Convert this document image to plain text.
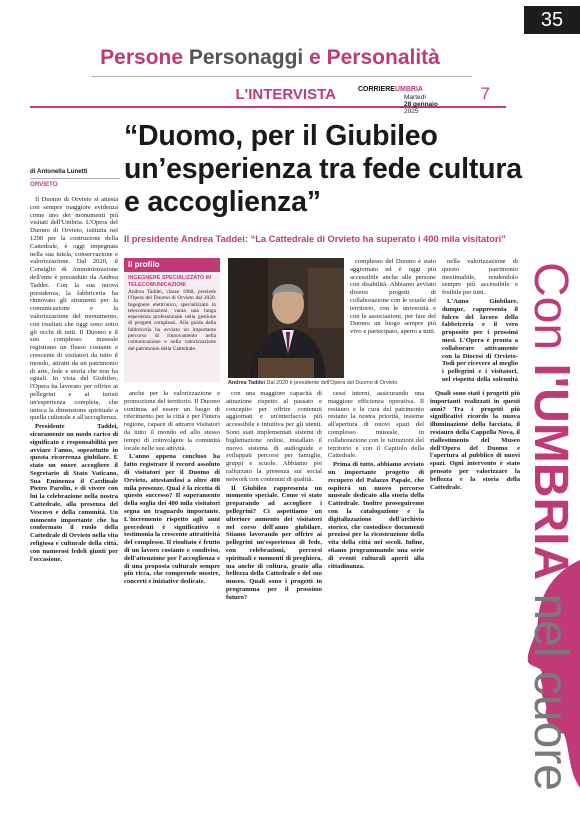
35
Persone Personaggi e Personalità
L'INTERVISTA	CORRIEREUMBRIA
Martedì
28 gennaio
2025
7
Con l'UMBRIA nel cuore
“Duomo, per il Giubileo un’esperienza tra fede cultura e accoglienza”
Il presidente Andrea Taddei: “La Cattedrale di Orvieto ha superato i 400 mila visitatori”
di Antonella Lunetti
ORVIETO

Il Duomo di Orvieto si attesta con sempre maggiore evidenza come uno dei monumenti più visitati dell'Umbria. L'Opera del Duomo di Orvieto, istituita nel 1290 per la costruzione della Cattedrale, è oggi impegnata nella sua tutela, conservazione e valorizzazione. Dal 2020, il Consiglio di Amministrazione dell'ente è presieduto da Andrea Taddei. Con la sua nuova presidenza, la fabbriceria ha rinnovato gli strumenti per la comunicazione e la valorizzazione del monumento, con risultati che oggi sono sotto gli occhi di tutti. Il Duomo e il suo complesso museale registrano un flusso costante e crescente di visitatori da tutto il mondo, attratti da un patrimonio di arte, fede e storia che non ha eguali. In vista del Giubileo, l'Opera ha lavorato per offrire ai pellegrini e ai turisti un'esperienza completa, che unisca la dimensione spirituale a quella culturale e all'accoglienza.

Presidente Taddei, sicuramente un modo carico di significato e responsabilità per avviare l'anno, soprattutto in questa ricorrenza giubilare. È stato un onore accogliere il Segretario di Stato Vaticano, Sua Eminenza il Cardinale Pietro Parolin, e di vivere con lui la celebrazione nella nostra Cattedrale, alla presenza del Vescovo e della comunità. Un momento importante che ha confermato il ruolo della Cattedrale di Orvieto nella vita religiosa e culturale della città, con numerosi fedeli giunti per l'occasione.

Il profilo
INGEGNERE SPECIALIZZATO IN TELECOMUNICAZIONI
Andrea Taddei, classe 1960, presiede l'Opera del Duomo di Orvieto dal 2020. Ingegnere elettronico, specializzato in telecomunicazioni, vanta una lunga esperienza professionale nella gestione di progetti complessi. Alla guida della fabbriceria ha avviato un importante percorso di rinnovamento nella comunicazione e nella valorizzazione del patrimonio della Cattedrale.
Andrea Taddei Dal 2020 è presidente dell'Opera del Duomo di Orvieto

anche per la valorizzazione e promozione del territorio. Il Duomo continua ad essere un luogo di riferimento per la città e per l'intera regione, capace di attrarre visitatori da tutto il mondo ed allo stesso tempo di coinvolgere la comunità locale nelle sue attività.

L'anno appena concluso ha fatto registrare il record assoluto di visitatori per il Duomo di Orvieto, attestandosi a oltre 400 mila presenze. Qual è la ricetta di questo successo? Il superamento della soglia dei 400 mila visitatori segna un traguardo importante. L'incremento rispetto agli anni precedenti è significativo e testimonia la crescente attrattività del complesso. Il risultato è frutto di un lavoro costante e condiviso, dell'attenzione per l'accoglienza e di una proposta culturale sempre più ricca, che comprende mostre, concerti e iniziative dedicate.

con una maggiore capacità di attrazione rispetto al passato e concepito per offrire contenuti aggiornati e un'interfaccia più accessibile e intuitiva per gli utenti. Sono stati implementati sistemi di bigliettazione online, installato il nuovo sistema di audioguide e sviluppati percorsi per famiglie, gruppi e scuole. Abbiamo poi rafforzato la presenza sui social network con contenuti di qualità.

Il Giubileo rappresenta un momento speciale. Come vi state preparando ad accogliere i pellegrini? Ci aspettiamo un ulteriore aumento dei visitatori nel corso dell'anno giubilare. Stiamo lavorando per offrire ai pellegrini un'esperienza di fede, con celebrazioni, percorsi spirituali e momenti di preghiera, ma anche di cultura, grazie alla bellezza della Cattedrale e del suo museo. Quali sono i progetti in programma per il prossimo futuro?

cessi interni, assicurando una maggiore efficienza operativa. Il restauro e la cura del patrimonio restano la nostra priorità, insieme all'apertura di nuovi spazi del complesso museale, in collaborazione con le istituzioni del territorio e con il Capitolo della Cattedrale.

Prima di tutto, abbiamo avviato un importante progetto di recupero del Palazzo Papale, che ospiterà un nuovo percorso museale dedicato alla storia della Cattedrale. Inoltre proseguiremo con la catalogazione e la digitalizzazione dell'archivio storico, che custodisce documenti preziosi per la ricostruzione della vita della città nei secoli. Infine, stiamo programmando una serie di eventi culturali aperti alla cittadinanza.

complesso del Duomo è stato aggiornato ed è oggi più accessibile anche alle persone con disabilità. Abbiamo avviato diversi progetti di collaborazione con le scuole del territorio, con le università e con le associazioni, per fare del Duomo un luogo sempre più vivo e partecipato, aperto a tutti.

Quali sono stati i progetti più importanti realizzati in questi anni? Tra i progetti più significativi ricordo la nuova illuminazione della facciata, il restauro della Cappella Nova, il riallestimento del Museo dell'Opera del Duomo e l'apertura al pubblico di nuovi spazi. Ogni intervento è stato pensato per valorizzare la bellezza e la storia della Cattedrale.

nella valorizzazione di questo patrimonio inestimabile, rendendolo sempre più accessibile e fruibile per tutti.

L'Anno Giubilare, dunque, rappresenta il fulcro del lavoro della fabbriceria e il vero proposito per i prossimi mesi. L'Opera è pronta a collaborare attivamente con la Diocesi di Orvieto-Todi per ricevere al meglio i pellegrini e i visitatori, nel rispetto della solennità
